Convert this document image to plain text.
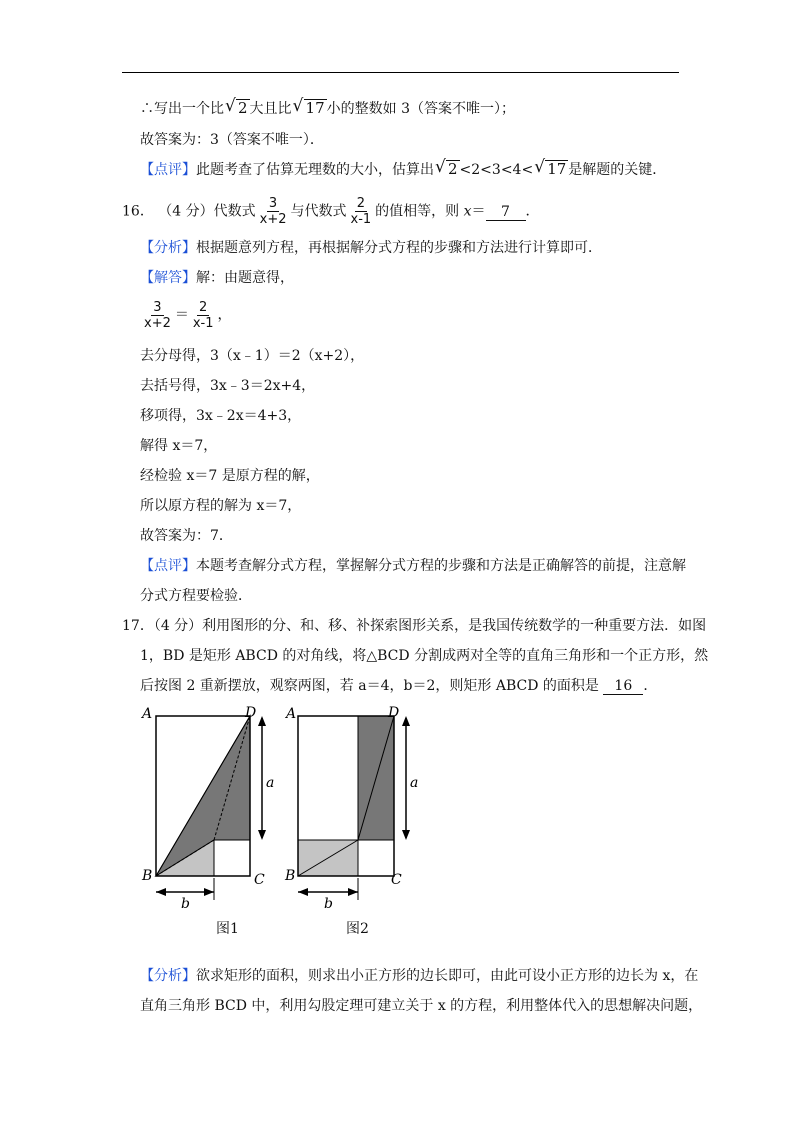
∴写出一个比 √ 2 大且比 √ 17 小的整数如 3（答案不唯一）；
故答案为：3（答案不唯一）．
【点评】此题考查了估算无理数的大小，估算出 √ 2 <2<3<4< √ 17 是解题的关键．
16． （4 分）代数式 $\frac{3}{x+2}$ 与代数式 $\frac{2}{x-1}$ 的值相等，则 x＝ 7 ．
【分析】根据题意列方程，再根据解分式方程的步骤和方法进行计算即可．
【解答】解：由题意得，
$\frac{3}{x+2} = \frac{2}{x-1}$ ，
去分母得，3（x﹣1）＝2（x+2），
去括号得，3x﹣3＝2x+4，
移项得，3x﹣2x＝4+3，
解得 x＝7，
经检验 x＝7 是原方程的解，
所以原方程的解为 x＝7，
故答案为：7．
【点评】本题考查解分式方程，掌握解分式方程的步骤和方法是正确解答的前提，注意解
分式方程要检验．
17．（4 分）利用图形的分、和、移、补探索图形关系，是我国传统数学的一种重要方法．如图
1，BD 是矩形 ABCD 的对角线，将△BCD 分割成两对全等的直角三角形和一个正方形，然
后按图 2 重新摆放，观察两图，若 a＝4，b＝2，则矩形 ABCD 的面积是 16 ．
A	D
B	C
a
b
A	D
B	C
a
b
图1	图2
【分析】欲求矩形的面积，则求出小正方形的边长即可，由此可设小正方形的边长为 x，在
直角三角形 BCD 中，利用勾股定理可建立关于 x 的方程，利用整体代入的思想解决问题，
